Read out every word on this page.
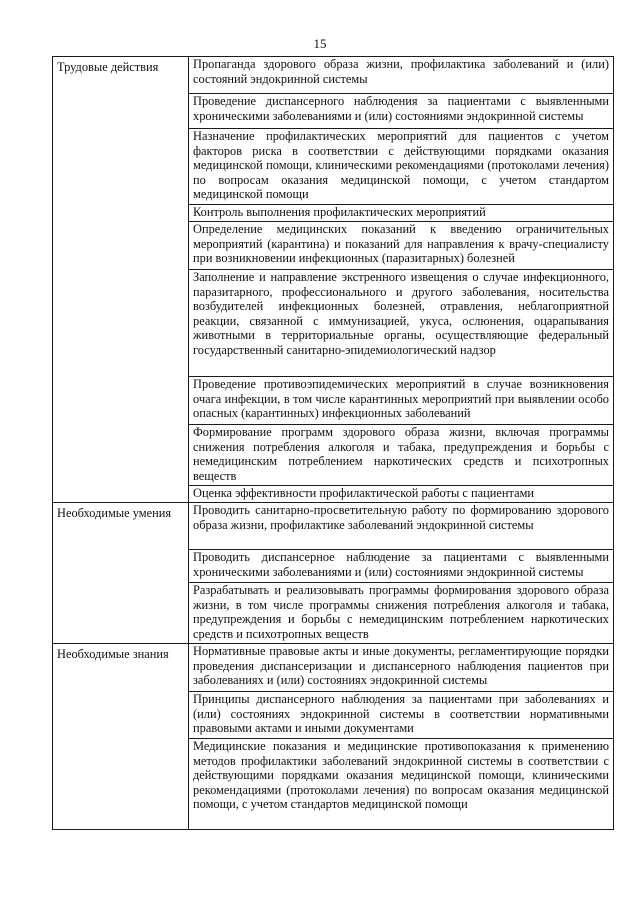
15
Трудовые действия	Пропаганда здорового образа жизни, профилактика заболеваний и (или) состояний эндокринной системы
	Проведение диспансерного наблюдения за пациентами с выявленными хроническими заболеваниями и (или) состояниями эндокринной системы
	Назначение профилактических мероприятий для пациентов с учетом факторов риска в соответствии с действующими порядками оказания медицинской помощи, клиническими рекомендациями (протоколами лечения) по вопросам оказания медицинской помощи, с учетом стандартом медицинской помощи
	Контроль выполнения профилактических мероприятий
	Определение медицинских показаний к введению ограничительных мероприятий (карантина) и показаний для направления к врачу-специалисту при возникновении инфекционных (паразитарных) болезней
	Заполнение и направление экстренного извещения о случае инфекционного, паразитарного, профессионального и другого заболевания, носительства возбудителей инфекционных болезней, отравления, неблагоприятной реакции, связанной с иммунизацией, укуса, ослюнения, оцарапывания животными в территориальные органы, осуществляющие федеральный государственный санитарно-эпидемиологический надзор
	Проведение противоэпидемических мероприятий в случае возникновения очага инфекции, в том числе карантинных мероприятий при выявлении особо опасных (карантинных) инфекционных заболеваний
	Формирование программ здорового образа жизни, включая программы снижения потребления алкоголя и табака, предупреждения и борьбы с немедицинским потреблением наркотических средств и психотропных веществ
	Оценка эффективности профилактической работы с пациентами
Необходимые умения	Проводить санитарно-просветительную работу по формированию здорового образа жизни, профилактике заболеваний эндокринной системы
	Проводить диспансерное наблюдение за пациентами с выявленными хроническими заболеваниями и (или) состояниями эндокринной системы
	Разрабатывать и реализовывать программы формирования здорового образа жизни, в том числе программы снижения потребления алкоголя и табака, предупреждения и борьбы с немедицинским потреблением наркотических средств и психотропных веществ
Необходимые знания	Нормативные правовые акты и иные документы, регламентирующие порядки проведения диспансеризации и диспансерного наблюдения пациентов при заболеваниях и (или) состояниях эндокринной системы
	Принципы диспансерного наблюдения за пациентами при заболеваниях и (или) состояниях эндокринной системы в соответствии нормативными правовыми актами и иными документами
	Медицинские показания и медицинские противопоказания к применению методов профилактики заболеваний эндокринной системы в соответствии с действующими порядками оказания медицинской помощи, клиническими рекомендациями (протоколами лечения) по вопросам оказания медицинской помощи, с учетом стандартов медицинской помощи
